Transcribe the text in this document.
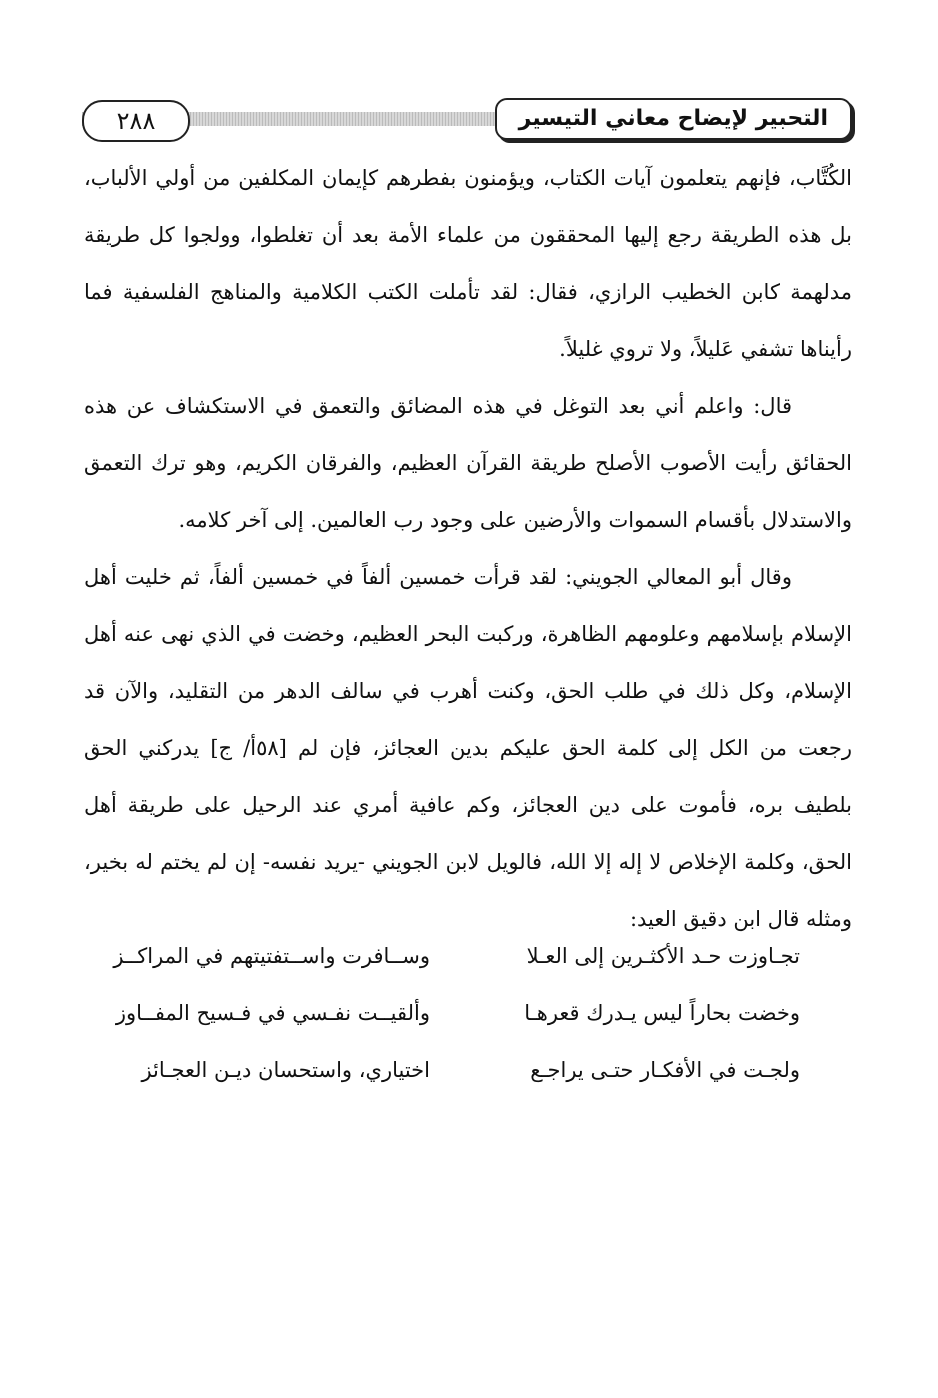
التحبير لإيضاح معاني التيسير
٢٨٨

الكُتَّاب، فإنهم يتعلمون آيات الكتاب، ويؤمنون بفطرهم كإيمان المكلفين من أولي الألباب، بل هذه الطريقة رجع إليها المحققون من علماء الأمة بعد أن تغلطوا، وولجوا كل طريقة مدلهمة كابن الخطيب الرازي، فقال: لقد تأملت الكتب الكلامية والمناهج الفلسفية فما رأيناها تشفي عَليلاً، ولا تروي غليلاً.

قال: واعلم أني بعد التوغل في هذه المضائق والتعمق في الاستكشاف عن هذه الحقائق رأيت الأصوب الأصلح طريقة القرآن العظيم، والفرقان الكريم، وهو ترك التعمق والاستدلال بأقسام السموات والأرضين على وجود رب العالمين. إلى آخر كلامه.

وقال أبو المعالي الجويني: لقد قرأت خمسين ألفاً في خمسين ألفاً، ثم خليت أهل الإسلام بإسلامهم وعلومهم الظاهرة، وركبت البحر العظيم، وخضت في الذي نهى عنه أهل الإسلام، وكل ذلك في طلب الحق، وكنت أهرب في سالف الدهر من التقليد، والآن قد رجعت من الكل إلى كلمة الحق عليكم بدين العجائز، فإن لم [٥٨أ/ ج] يدركني الحق بلطيف بره، فأموت على دين العجائز، وكم عافية أمري عند الرحيل على طريقة أهل الحق، وكلمة الإخلاص لا إله إلا الله، فالويل لابن الجويني -يريد نفسه- إن لم يختم له بخير، ومثله قال ابن دقيق العيد:

تجـاوزت حـد الأكثـرين إلى العـلا
وســافرت واســتفتيتهم في المراكــز
وخضت بحاراً ليس يـدرك قعرهـا
وألقيــت نفـسي في فـسيح المفــاوز
ولجـت في الأفكـار حتـى يراجـع
اختياري، واستحسان ديـن العجـائز
